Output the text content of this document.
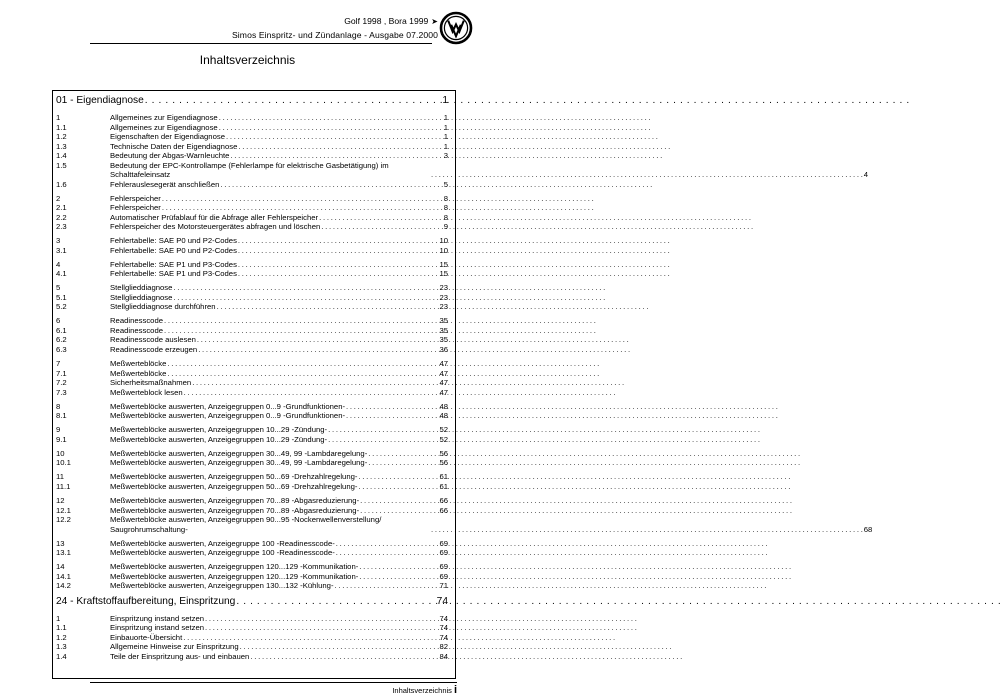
Golf 1998 , Bora 1999 ➤
Simos Einspritz- und Zündanlage - Ausgabe 07.2000
Inhaltsverzeichnis
01 - Eigendiagnose . . .	1
1	Allgemeines zur Eigendiagnose . . .	1
1.1	Allgemeines zur Eigendiagnose . . .	1
1.2	Eigenschaften der Eigendiagnose . . .	1
1.3	Technische Daten der Eigendiagnose . . .	1
1.4	Bedeutung der Abgas-Warnleuchte . . .	3
1.5	Bedeutung der EPC-Kontrollampe (Fehlerlampe für elektrische Gasbetätigung) im
Schalttafeleinsatz . . .	4
1.6	Fehlerauslesegerät anschließen . . .	5
2	Fehlerspeicher . . .	8
2.1	Fehlerspeicher . . .	8
2.2	Automatischer Prüfablauf für die Abfrage aller Fehlerspeicher . . .	8
2.3	Fehlerspeicher des Motorsteuergerätes abfragen und löschen . . .	9
3	Fehlertabelle: SAE P0 und P2-Codes . . .	10
3.1	Fehlertabelle: SAE P0 und P2-Codes . . .	10
4	Fehlertabelle: SAE P1 und P3-Codes . . .	15
4.1	Fehlertabelle: SAE P1 und P3-Codes . . .	15
5	Stellglieddiagnose . . .	23
5.1	Stellglieddiagnose . . .	23
5.2	Stellglieddiagnose durchführen . . .	23
6	Readinesscode . . .	35
6.1	Readinesscode . . .	35
6.2	Readinesscode auslesen . . .	35
6.3	Readinesscode erzeugen . . .	36
7	Meßwerteblöcke . . .	47
7.1	Meßwerteblöcke . . .	47
7.2	Sicherheitsmaßnahmen . . .	47
7.3	Meßwerteblock lesen . . .	47
8	Meßwerteblöcke auswerten, Anzeigegruppen 0...9 -Grundfunktionen- . . .	48
8.1	Meßwerteblöcke auswerten, Anzeigegruppen 0...9 -Grundfunktionen- . . .	48
9	Meßwerteblöcke auswerten, Anzeigegruppen 10...29 -Zündung- . . .	52
9.1	Meßwerteblöcke auswerten, Anzeigegruppen 10...29 -Zündung- . . .	52
10	Meßwerteblöcke auswerten, Anzeigegruppen 30...49, 99 -Lambdaregelung- . . .	56
10.1	Meßwerteblöcke auswerten, Anzeigegruppen 30...49, 99 -Lambdaregelung- . . .	56
11	Meßwerteblöcke auswerten, Anzeigegruppen 50...69 -Drehzahlregelung- . . .	61
11.1	Meßwerteblöcke auswerten, Anzeigegruppen 50...69 -Drehzahlregelung- . . .	61
12	Meßwerteblöcke auswerten, Anzeigegruppen 70...89 -Abgasreduzierung- . . .	66
12.1	Meßwerteblöcke auswerten, Anzeigegruppen 70...89 -Abgasreduzierung- . . .	66
12.2	Meßwerteblöcke auswerten, Anzeigegruppen 90...95 -Nockenwellenverstellung/
Saugrohrumschaltung- . . .	68
13	Meßwerteblöcke auswerten, Anzeigegruppe 100 -Readinesscode- . . .	69
13.1	Meßwerteblöcke auswerten, Anzeigegruppe 100 -Readinesscode- . . .	69
14	Meßwerteblöcke auswerten, Anzeigegruppen 120...129 -Kommunikation- . . .	69
14.1	Meßwerteblöcke auswerten, Anzeigegruppen 120...129 -Kommunikation- . . .	69
14.2	Meßwerteblöcke auswerten, Anzeigegruppen 130...132 -Kühlung- . . .	71
24 - Kraftstoffaufbereitung, Einspritzung . . .	74
1	Einspritzung instand setzen . . .	74
1.1	Einspritzung instand setzen . . .	74
1.2	Einbauorte-Übersicht . . .	74
1.3	Allgemeine Hinweise zur Einspritzung . . .	82
1.4	Teile der Einspritzung aus- und einbauen . . .	84
Inhaltsverzeichnis i
